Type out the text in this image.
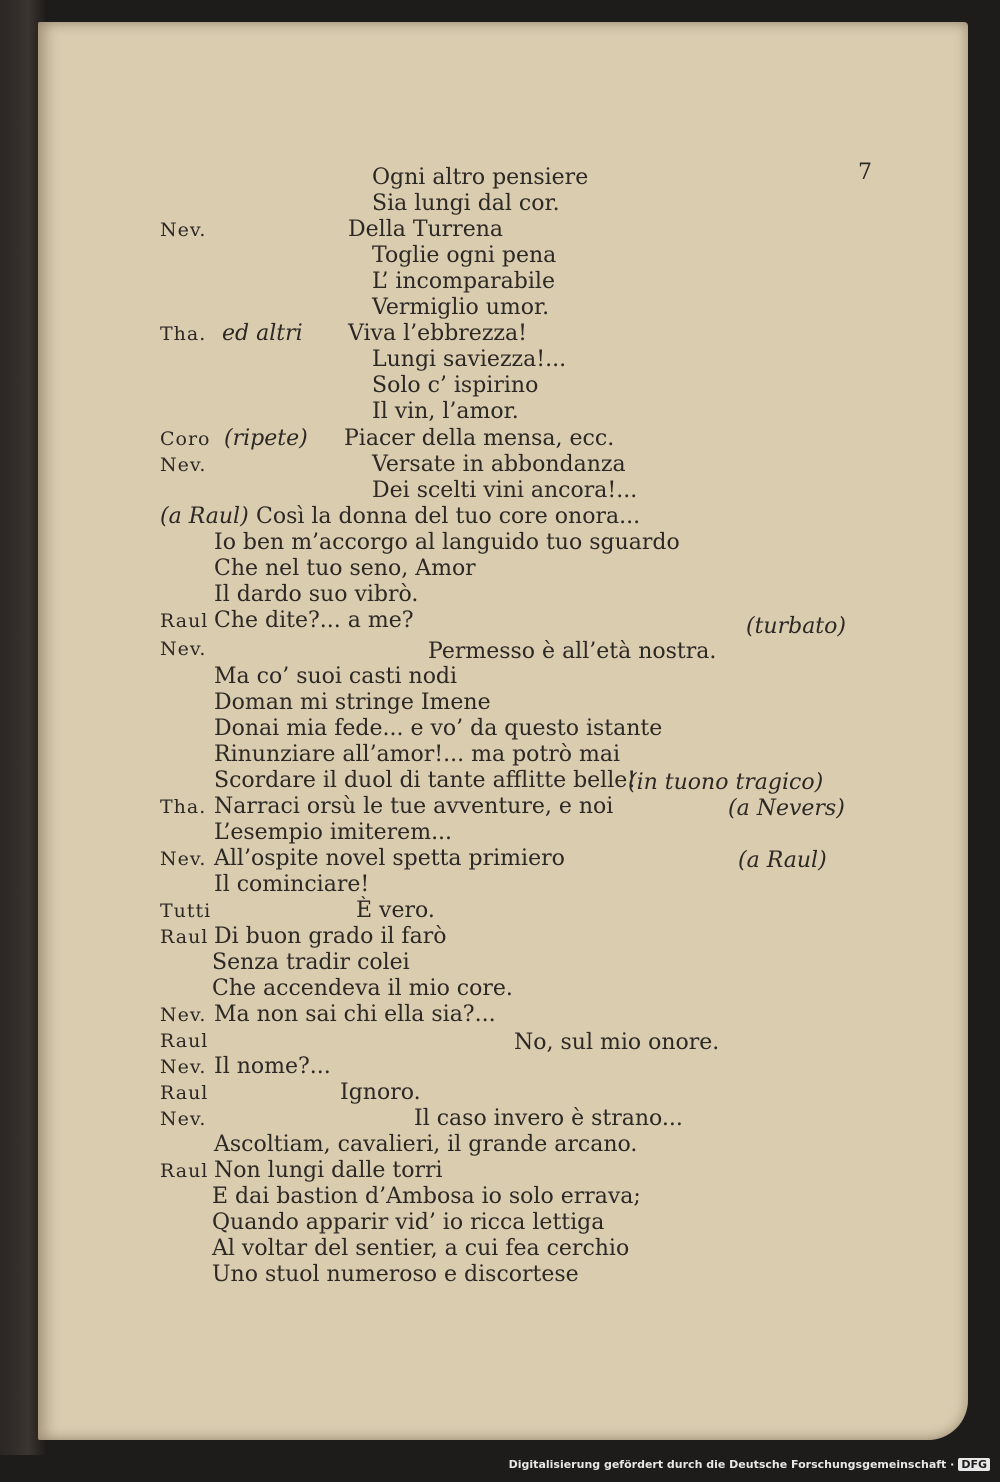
7
Ogni altro pensiere
Sia lungi dal cor.
Nev.	Della Turrena
Toglie ogni pena
L’ incomparabile
Vermiglio umor.
Tha. ed altri Viva l’ebbrezza!
Lungi saviezza!...
Solo c’ ispirino
Il vin, l’amor.
Coro (ripete) Piacer della mensa, ecc.
Nev.	Versate in abbondanza
Dei scelti vini ancora!...
(a Raul) Così la donna del tuo core onora...
Io ben m’accorgo al languido tuo sguardo
Che nel tuo seno, Amor
Il dardo suo vibrò.
Raul Che dite?... a me?	(turbato)
Nev.	Permesso è all’età nostra.
Ma co’ suoi casti nodi
Doman mi stringe Imene
Donai mia fede... e vo’ da questo istante
Rinunziare all’amor!... ma potrò mai
Scordare il duol di tante afflitte belle!
(in tuono tragico)
Tha. Narraci orsù le tue avventure, e noi	(a Nevers)
L’esempio imiterem...
Nev. All’ospite novel spetta primiero	(a Raul)
Il cominciare!
Tutti	È vero.
Raul Di buon grado il farò
Senza tradir colei
Che accendeva il mio core.
Nev. Ma non sai chi ella sia?...
Raul	No, sul mio onore.
Nev. Il nome?...
Raul	Ignoro.
Nev.	Il caso invero è strano...
Ascoltiam, cavalieri, il grande arcano.
Raul Non lungi dalle torri
E dai bastion d’Ambosa io solo errava;
Quando apparir vid’ io ricca lettiga
Al voltar del sentier, a cui fea cerchio
Uno stuol numeroso e discortese
Digitalisierung gefördert durch die Deutsche Forschungsgemeinschaft · DFG
